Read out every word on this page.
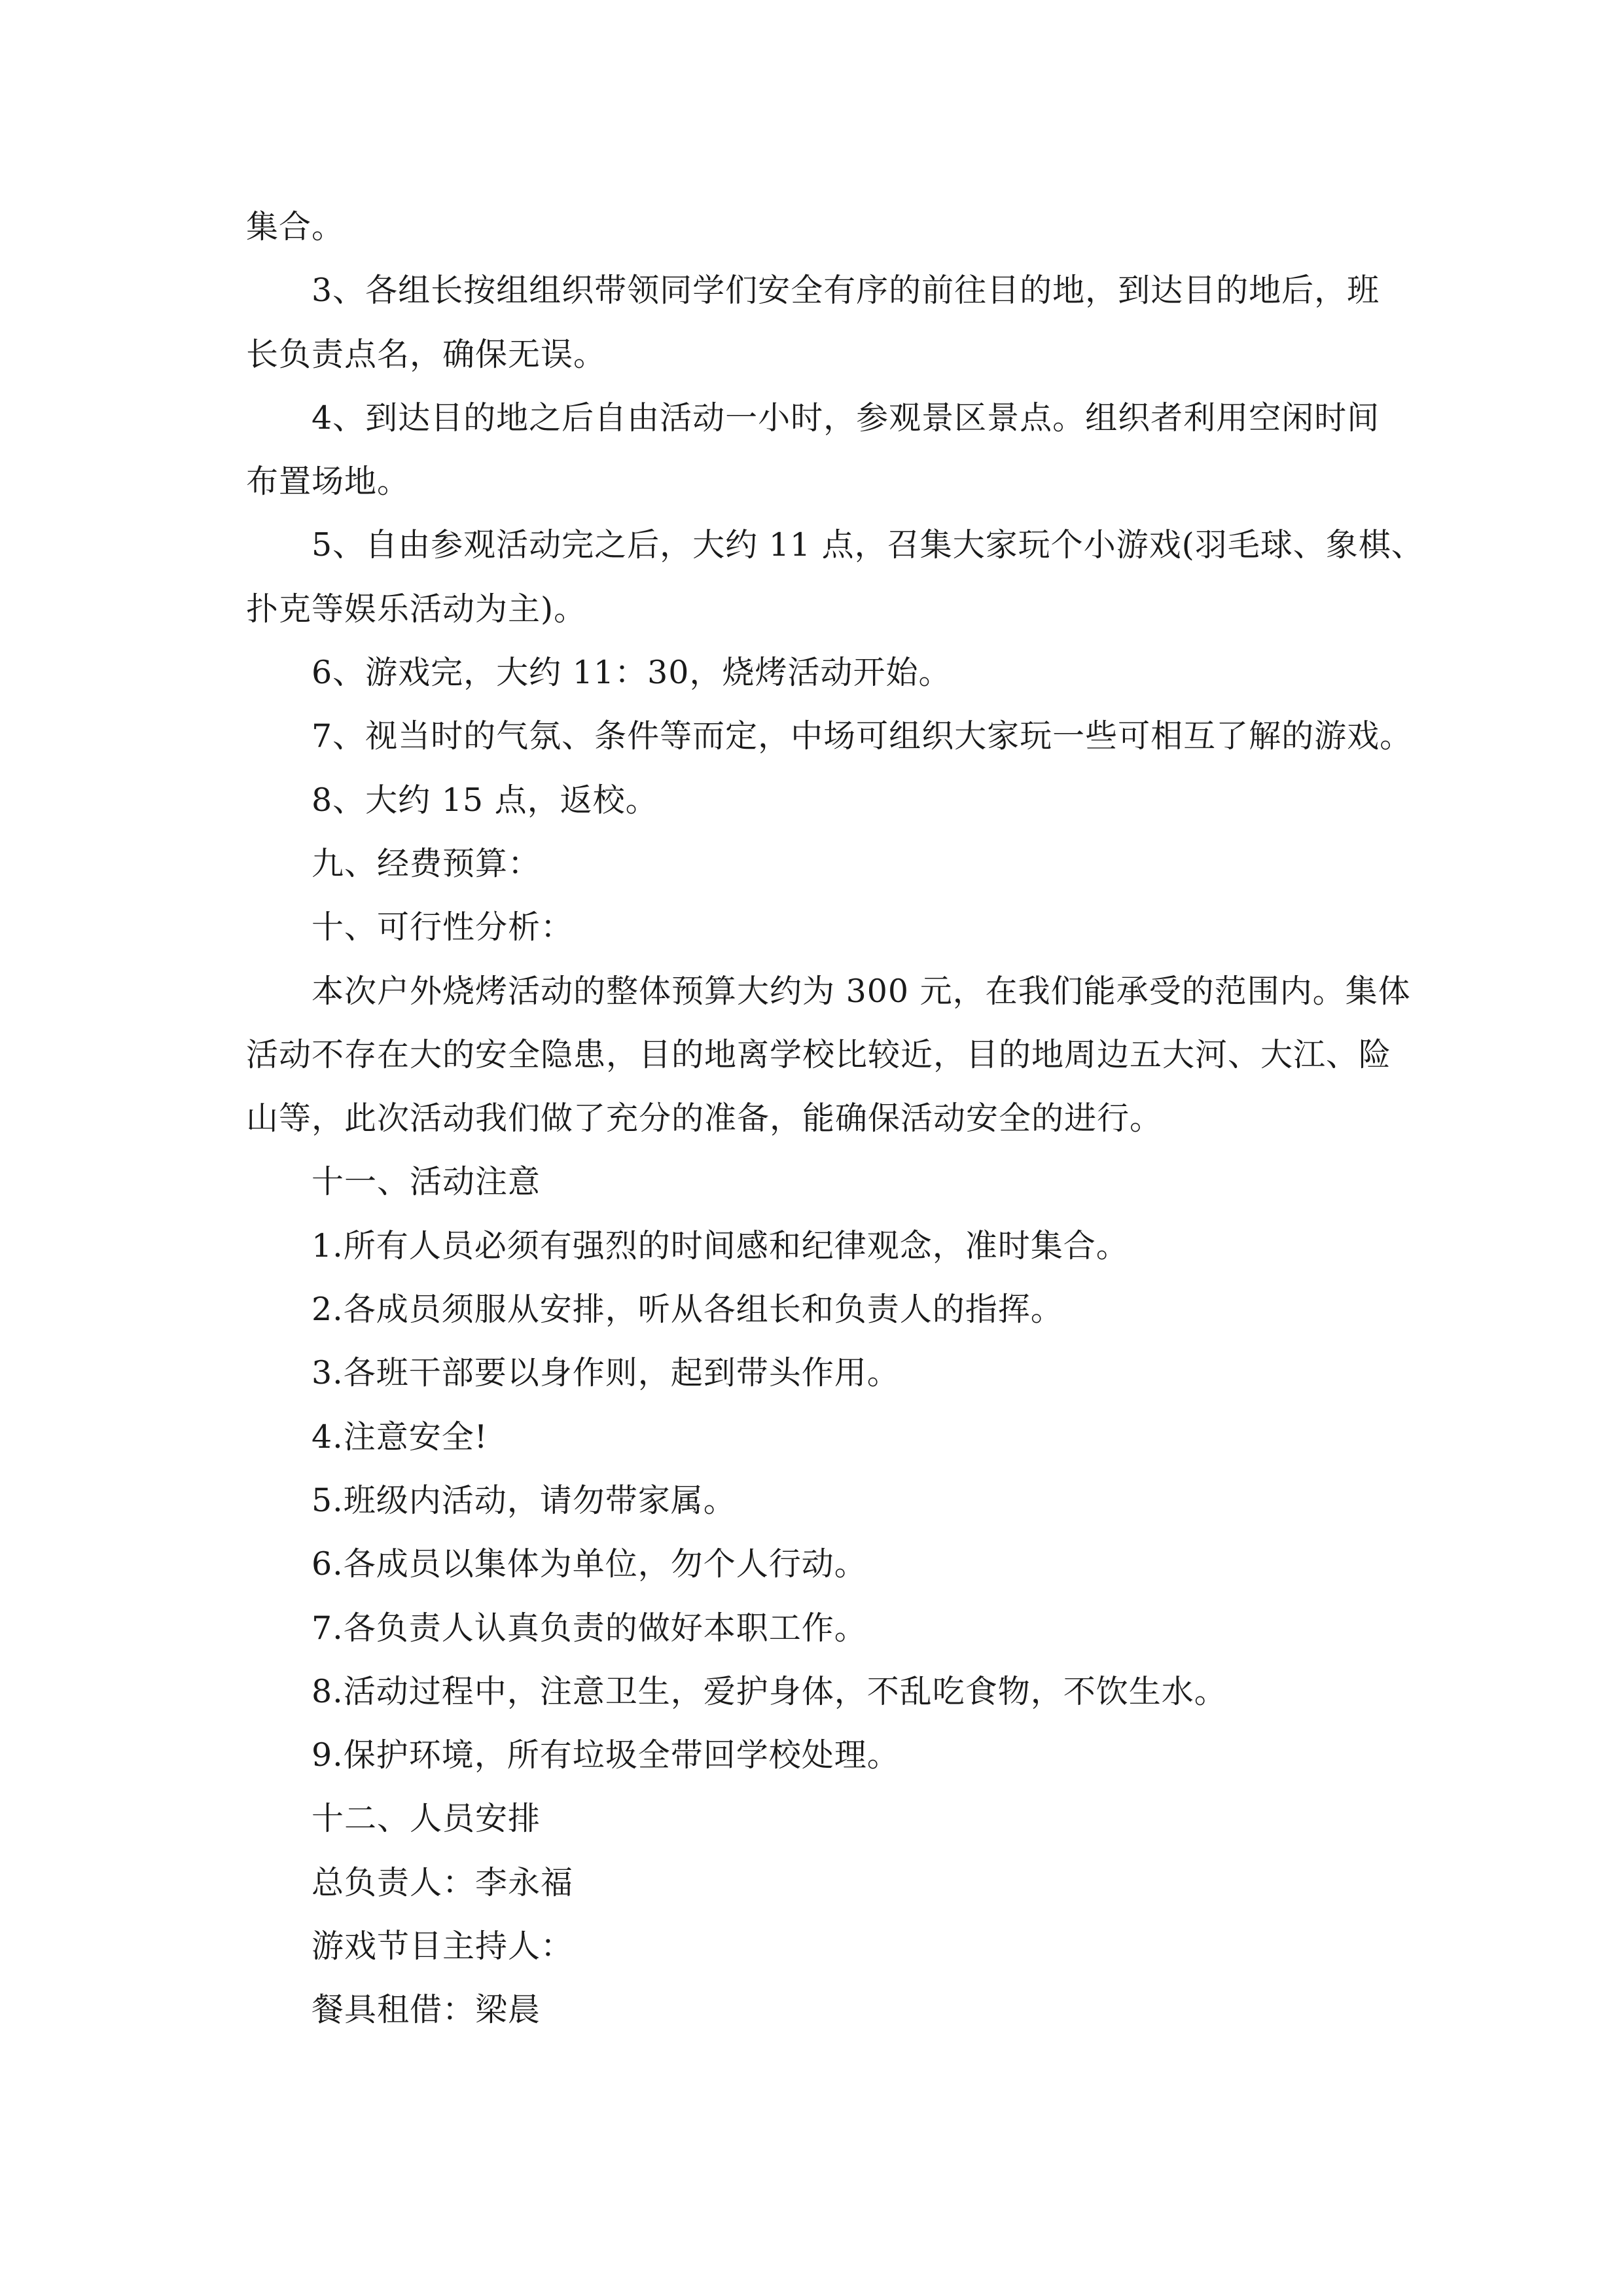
集合。
3、各组长按组组织带领同学们安全有序的前往目的地，到达目的地后，班
长负责点名，确保无误。
4、到达目的地之后自由活动一小时，参观景区景点。组织者利用空闲时间
布置场地。
5、自由参观活动完之后，大约 11 点，召集大家玩个小游戏(羽毛球、象棋、
扑克等娱乐活动为主)。
6、游戏完，大约 11：30，烧烤活动开始。
7、视当时的气氛、条件等而定，中场可组织大家玩一些可相互了解的游戏。
8、大约 15 点，返校。
九、经费预算：
十、可行性分析：
本次户外烧烤活动的整体预算大约为 300 元，在我们能承受的范围内。集体
活动不存在大的安全隐患，目的地离学校比较近，目的地周边五大河、大江、险
山等，此次活动我们做了充分的准备，能确保活动安全的进行。
十一、活动注意
1.所有人员必须有强烈的时间感和纪律观念，准时集合。
2.各成员须服从安排，听从各组长和负责人的指挥。
3.各班干部要以身作则，起到带头作用。
4.注意安全!
5.班级内活动，请勿带家属。
6.各成员以集体为单位，勿个人行动。
7.各负责人认真负责的做好本职工作。
8.活动过程中，注意卫生，爱护身体，不乱吃食物，不饮生水。
9.保护环境，所有垃圾全带回学校处理。
十二、人员安排
总负责人：李永福
游戏节目主持人：
餐具租借：梁晨
